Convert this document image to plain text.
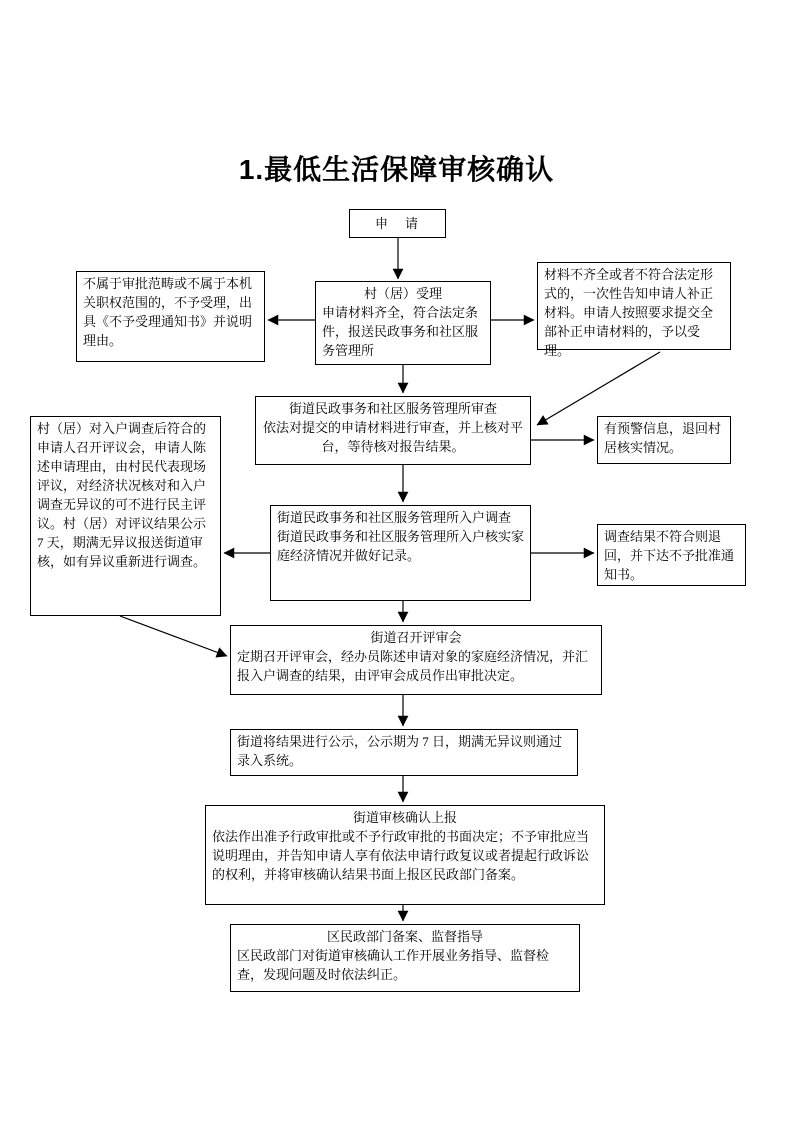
1.最低生活保障审核确认
申　请
村（居）受理
申请材料齐全，符合法定条件，报送民政事务和社区服务管理所
不属于审批范畴或不属于本机关职权范围的，不予受理，出具《不予受理通知书》并说明理由。
材料不齐全或者不符合法定形式的，一次性告知申请人补正材料。申请人按照要求提交全部补正申请材料的，予以受理。
街道民政事务和社区服务管理所审查
依法对提交的申请材料进行审查，并上核对平台，等待核对报告结果。
有预警信息，退回村居核实情况。
街道民政事务和社区服务管理所入户调查
街道民政事务和社区服务管理所入户核实家庭经济情况并做好记录。
村（居）对入户调查后符合的申请人召开评议会，申请人陈述申请理由，由村民代表现场评议，对经济状况核对和入户调查无异议的可不进行民主评议。村（居）对评议结果公示 7 天，期满无异议报送街道审核，如有异议重新进行调查。
调查结果不符合则退回，并下达不予批准通知书。
街道召开评审会
定期召开评审会，经办员陈述申请对象的家庭经济情况，并汇报入户调查的结果，由评审会成员作出审批决定。
街道将结果进行公示，公示期为 7 日，期满无异议则通过录入系统。
街道审核确认上报
依法作出准予行政审批或不予行政审批的书面决定；不予审批应当说明理由，并告知申请人享有依法申请行政复议或者提起行政诉讼的权利，并将审核确认结果书面上报区民政部门备案。
区民政部门备案、监督指导
区民政部门对街道审核确认工作开展业务指导、监督检查，发现问题及时依法纠正。
